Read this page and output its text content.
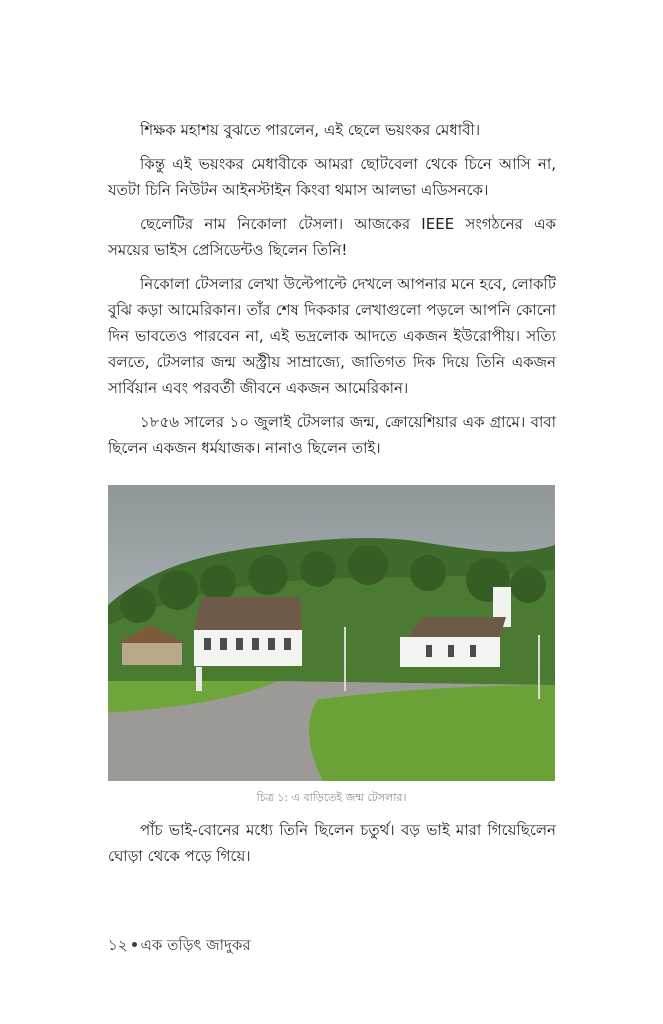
শিক্ষক মহাশয় বুঝতে পারলেন, এই ছেলে ভয়ংকর মেধাবী।

কিন্তু এই ভয়ংকর মেধাবীকে আমরা ছোটবেলা থেকে চিনে আসি না, যতটা চিনি নিউটন আইনস্টাইন কিংবা থমাস আলভা এডিসনকে।

ছেলেটির নাম নিকোলা টেসলা। আজকের IEEE সংগঠনের এক সময়ের ভাইস প্রেসিডেন্টও ছিলেন তিনি!

নিকোলা টেসলার লেখা উল্টেপাল্টে দেখলে আপনার মনে হবে, লোকটি বুঝি কড়া আমেরিকান। তাঁর শেষ দিককার লেখাগুলো পড়লে আপনি কোনো দিন ভাবতেও পারবেন না, এই ভদ্রলোক আদতে একজন ইউরোপীয়। সত্যি বলতে, টেসলার জন্ম অস্ট্রীয় সাম্রাজ্যে, জাতিগত দিক দিয়ে তিনি একজন সার্বিয়ান এবং পরবর্তী জীবনে একজন আমেরিকান।

১৮৫৬ সালের ১০ জুলাই টেসলার জন্ম, ক্রোয়েশিয়ার এক গ্রামে। বাবা ছিলেন একজন ধর্মযাজক। নানাও ছিলেন তাই।

চিত্র ১: এ বাড়িতেই জন্ম টেসলার।

পাঁচ ভাই-বোনের মধ্যে তিনি ছিলেন চতুর্থ। বড় ভাই মারা গিয়েছিলেন ঘোড়া থেকে পড়ে গিয়ে।

১২ এক তড়িৎ জাদুকর
